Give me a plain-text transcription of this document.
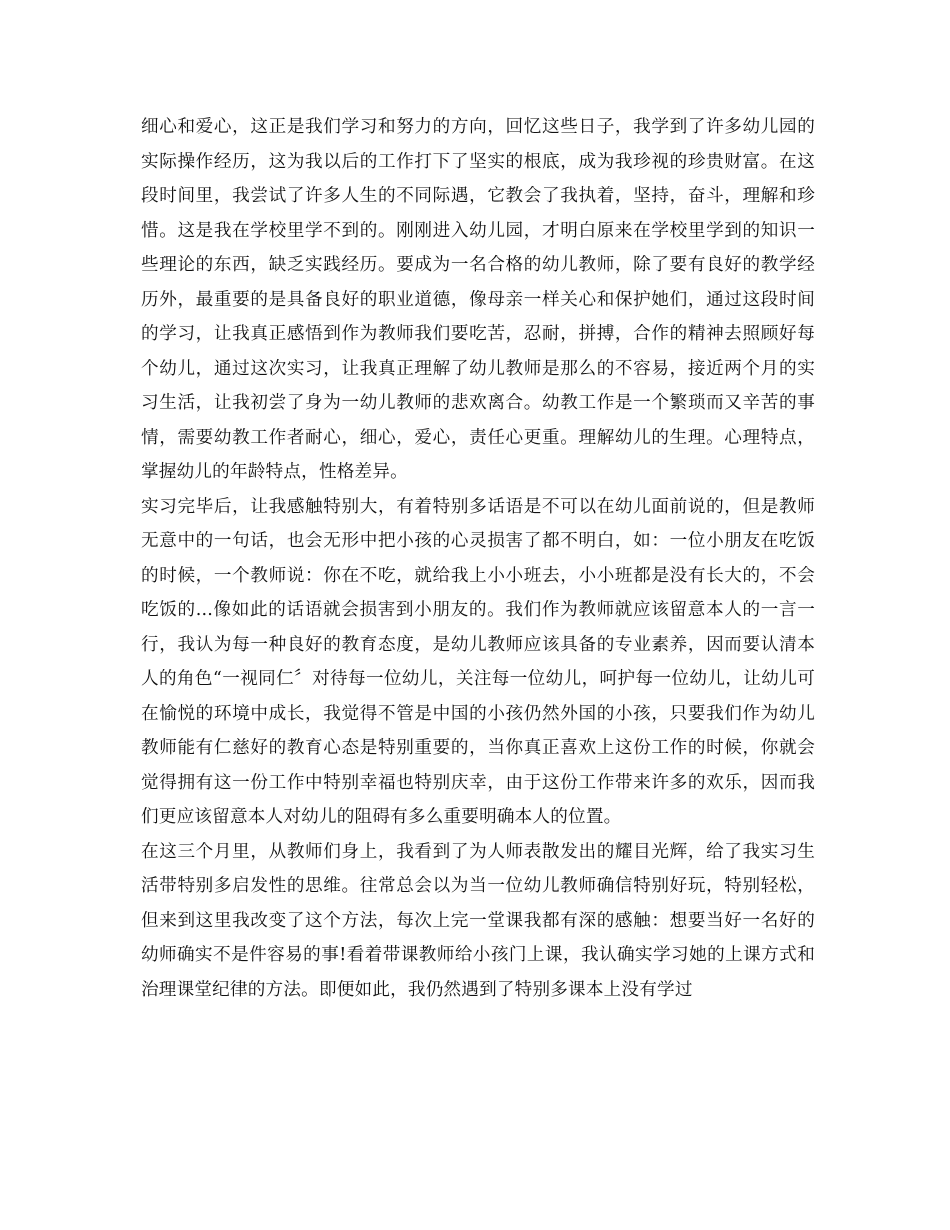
细心和爱心，这正是我们学习和努力的方向，回忆这些日子，我学到了许多幼儿园的实际操作经历，这为我以后的工作打下了坚实的根底，成为我珍视的珍贵财富。在这段时间里，我尝试了许多人生的不同际遇，它教会了我执着，坚持，奋斗，理解和珍惜。这是我在学校里学不到的。刚刚进入幼儿园，才明白原来在学校里学到的知识一些理论的东西，缺乏实践经历。要成为一名合格的幼儿教师，除了要有良好的教学经历外，最重要的是具备良好的职业道德，像母亲一样关心和保护她们，通过这段时间的学习，让我真正感悟到作为教师我们要吃苦，忍耐，拼搏，合作的精神去照顾好每个幼儿，通过这次实习，让我真正理解了幼儿教师是那么的不容易，接近两个月的实习生活，让我初尝了身为一幼儿教师的悲欢离合。幼教工作是一个繁琐而又辛苦的事情，需要幼教工作者耐心，细心，爱心，责任心更重。理解幼儿的生理。心理特点，掌握幼儿的年龄特点，性格差异。

实习完毕后，让我感触特别大，有着特别多话语是不可以在幼儿面前说的，但是教师无意中的一句话，也会无形中把小孩的心灵损害了都不明白，如：一位小朋友在吃饭的时候，一个教师说：你在不吃，就给我上小小班去，小小班都是没有长大的，不会吃饭的...像如此的话语就会损害到小朋友的。我们作为教师就应该留意本人的一言一行，我认为每一种良好的教育态度，是幼儿教师应该具备的专业素养，因而要认清本人的角色“一视同仁〞对待每一位幼儿，关注每一位幼儿，呵护每一位幼儿，让幼儿可在愉悦的环境中成长，我觉得不管是中国的小孩仍然外国的小孩，只要我们作为幼儿教师能有仁慈好的教育心态是特别重要的，当你真正喜欢上这份工作的时候，你就会觉得拥有这一份工作中特别幸福也特别庆幸，由于这份工作带来许多的欢乐，因而我们更应该留意本人对幼儿的阻碍有多么重要明确本人的位置。

在这三个月里，从教师们身上，我看到了为人师表散发出的耀目光辉，给了我实习生活带特别多启发性的思维。往常总会以为当一位幼儿教师确信特别好玩，特别轻松，但来到这里我改变了这个方法，每次上完一堂课我都有深的感触：想要当好一名好的幼师确实不是件容易的事!看着带课教师给小孩门上课，我认确实学习她的上课方式和治理课堂纪律的方法。即便如此，我仍然遇到了特别多课本上没有学过
